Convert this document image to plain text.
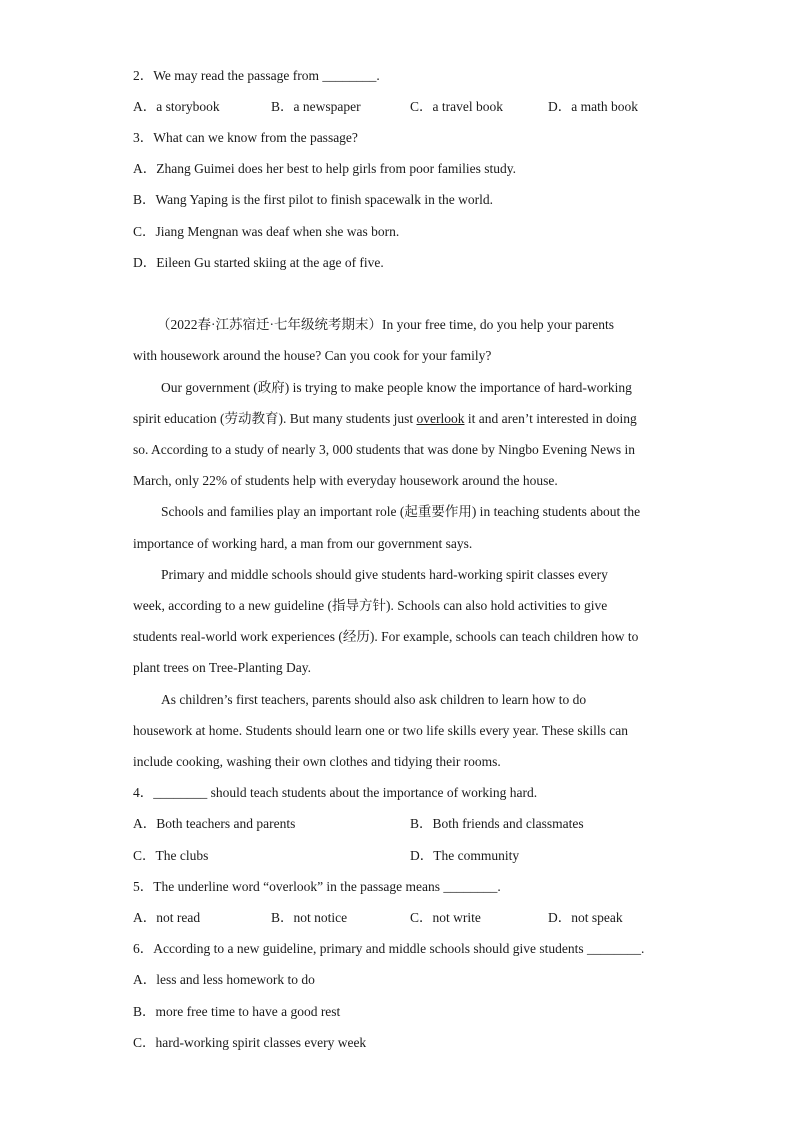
2．We may read the passage from ________.
A．a storybook	B．a newspaper	C．a travel book	D．a math book
3．What can we know from the passage?
A．Zhang Guimei does her best to help girls from poor families study.
B．Wang Yaping is the first pilot to finish spacewalk in the world.
C．Jiang Mengnan was deaf when she was born.
D．Eileen Gu started skiing at the age of five.
（2022春·江苏宿迁·七年级统考期末）In your free time, do you help your parents
with housework around the house? Can you cook for your family?
Our government (政府) is trying to make people know the importance of hard-working
spirit education (劳动教育). But many students just overlook it and aren’t interested in doing
so. According to a study of nearly 3, 000 students that was done by Ningbo Evening News in
March, only 22% of students help with everyday housework around the house.
Schools and families play an important role (起重要作用) in teaching students about the
importance of working hard, a man from our government says.
Primary and middle schools should give students hard-working spirit classes every
week, according to a new guideline (指导方针). Schools can also hold activities to give
students real-world work experiences (经历). For example, schools can teach children how to
plant trees on Tree-Planting Day.
As children’s first teachers, parents should also ask children to learn how to do
housework at home. Students should learn one or two life skills every year. These skills can
include cooking, washing their own clothes and tidying their rooms.
4．________ should teach students about the importance of working hard.
A．Both teachers and parents	B．Both friends and classmates
C．The clubs	D．The community
5．The underline word “overlook” in the passage means ________.
A．not read	B．not notice	C．not write	D．not speak
6．According to a new guideline, primary and middle schools should give students ________.
A．less and less homework to do
B．more free time to have a good rest
C．hard-working spirit classes every week
